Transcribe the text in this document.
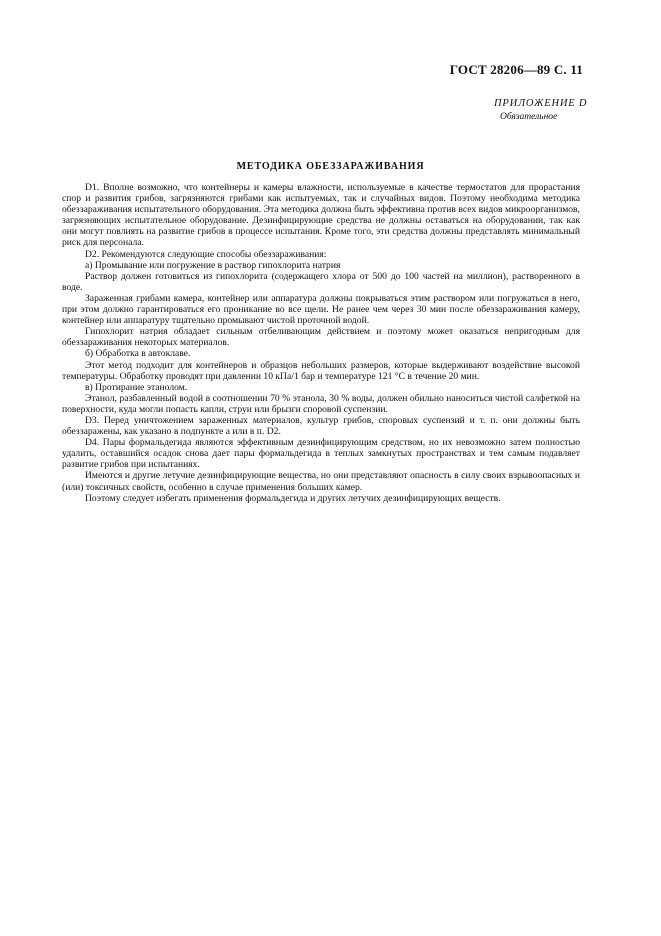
ГОСТ 28206—89 С. 11
ПРИЛОЖЕНИЕ D
Обязательное
МЕТОДИКА ОБЕЗЗАРАЖИВАНИЯ

D1. Вполне возможно, что контейнеры и камеры влажности, используемые в качестве термостатов для прорастания спор и развития грибов, загрязняются грибами как испытуемых, так и случайных видов. Поэтому необходима методика обеззараживания испытательного оборудования. Эта методика должна быть эффективна против всех видов микроорганизмов, загрязняющих испытательное оборудование. Дезинфицирующие средства не должны оставаться на оборудовании, так как они могут повлиять на развитие грибов в процессе испытания. Кроме того, эти средства должны представлять минимальный риск для персонала.

D2. Рекомендуются следующие способы обеззараживания:

а) Промывание или погружение в раствор гипохлорита натрия

Раствор должен готовиться из гипохлорита (содержащего хлора от 500 до 100 частей на миллион), растворенного в воде.

Зараженная грибами камера, контейнер или аппаратура должны покрываться этим раствором или погружаться в него, при этом должно гарантироваться его проникание во все щели. Не ранее чем через 30 мин после обеззараживания камеру, контейнер или аппаратуру тщательно промывают чистой проточной водой.

Гипохлорит натрия обладает сильным отбеливающим действием и поэтому может оказаться непригодным для обеззараживания некоторых материалов.

б) Обработка в автоклаве.

Этот метод подходит для контейнеров и образцов небольших размеров, которые выдерживают воздействие высокой температуры. Обработку проводят при давлении 10 кПа/1 бар и температуре 121 °С в течение 20 мин.

в) Протирание этанолом.

Этанол, разбавленный водой в соотношении 70 % этанола, 30 % воды, должен обильно наноситься чистой салфеткой на поверхности, куда могли попасть капли, струи или брызги споровой суспензии.

D3. Перед уничтожением зараженных материалов, культур грибов, споровых суспензий и т. п. они должны быть обеззаражены, как указано в подпункте а или в п. D2.

D4. Пары формальдегида являются эффективным дезинфицирующим средством, но их невозможно затем полностью удалить, оставшийся осадок снова дает пары формальдегида в теплых замкнутых пространствах и тем самым подавляет развитие грибов при испытаниях.

Имеются и другие летучие дезинфицирующие вещества, но они представляют опасность в силу своих взрывоопасных и (или) токсичных свойств, особенно в случае применения больших камер.

Поэтому следует избегать применения формальдегида и других летучих дезинфицирующих веществ.
